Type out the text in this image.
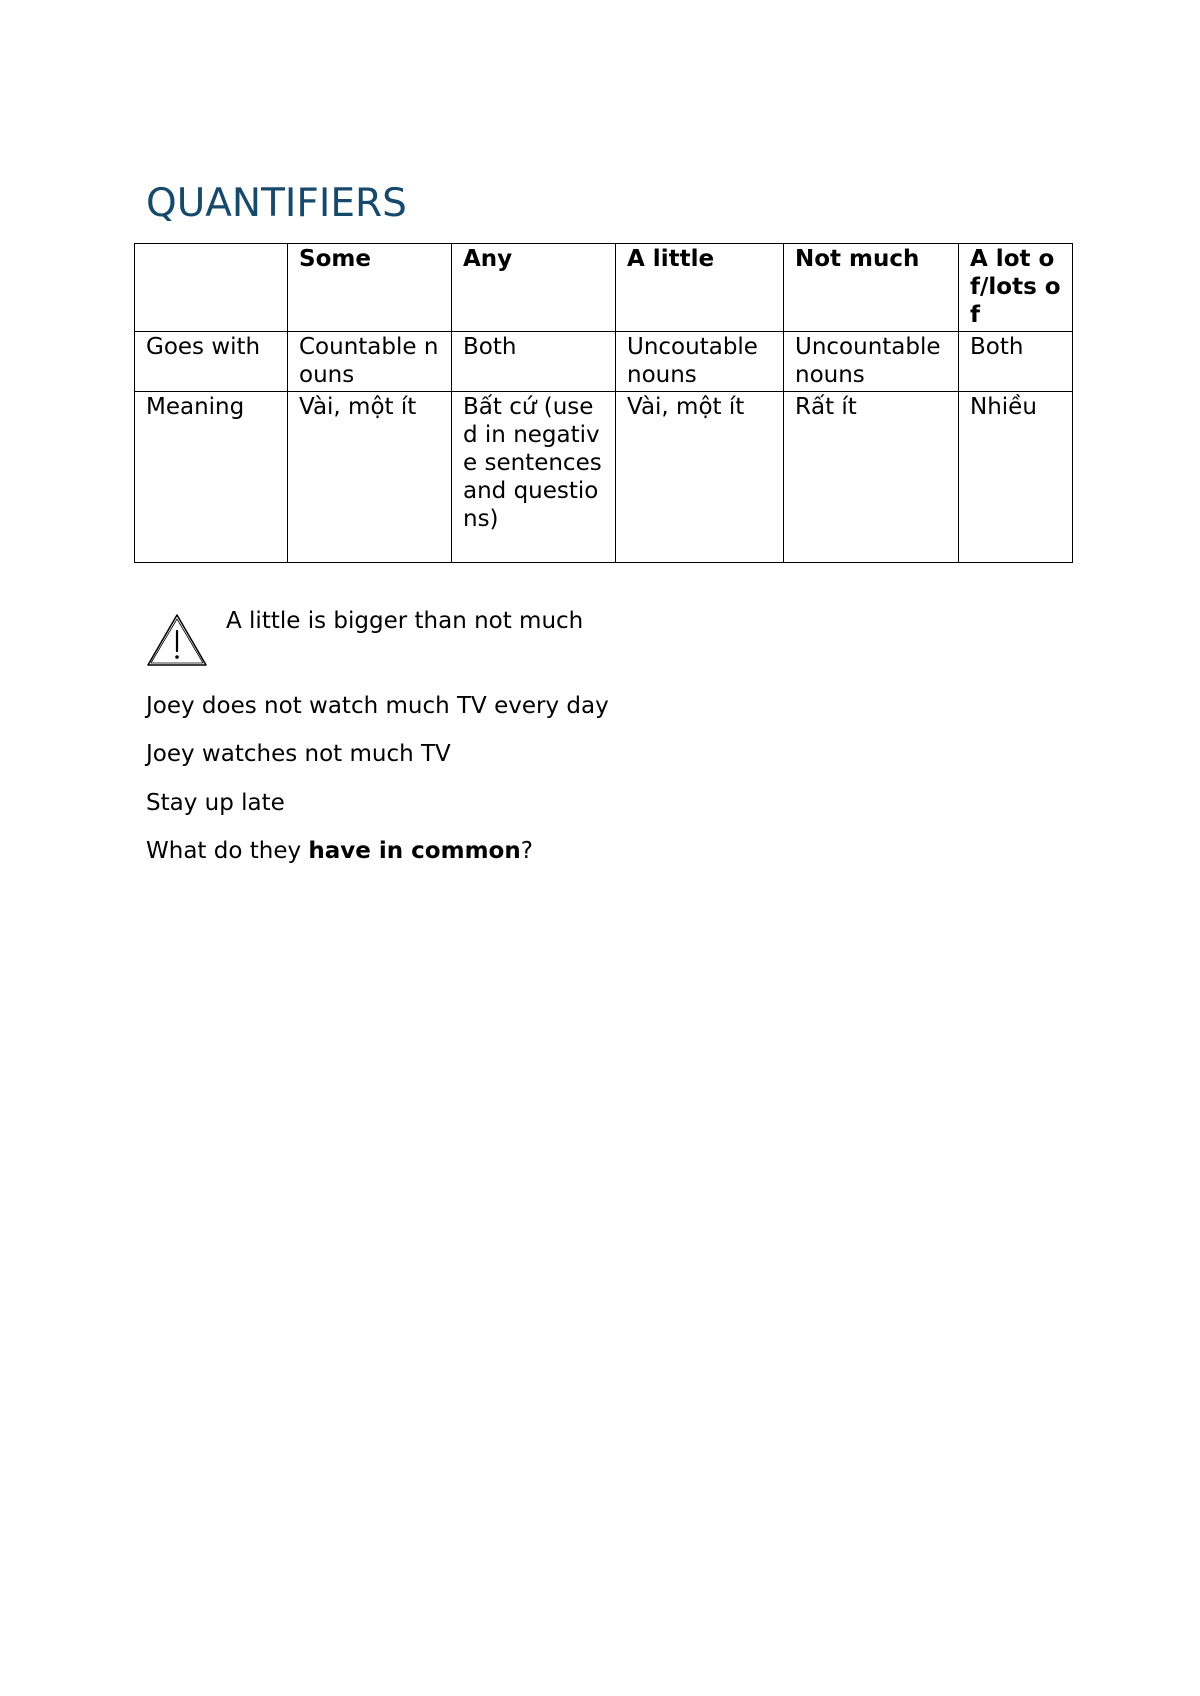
QUANTIFIERS
	Some	Any	A little	Not much	A lot of/lots of
Goes with	Countable nouns	Both	Uncoutable nouns	Uncountable nouns	Both
Meaning	Vài, một ít	Bất cứ (used in negative sentences and questions)	Vài, một ít	Rất ít	Nhiều
A little is bigger than not much

Joey does not watch much TV every day

Joey watches not much TV

Stay up late

What do they have in common?
